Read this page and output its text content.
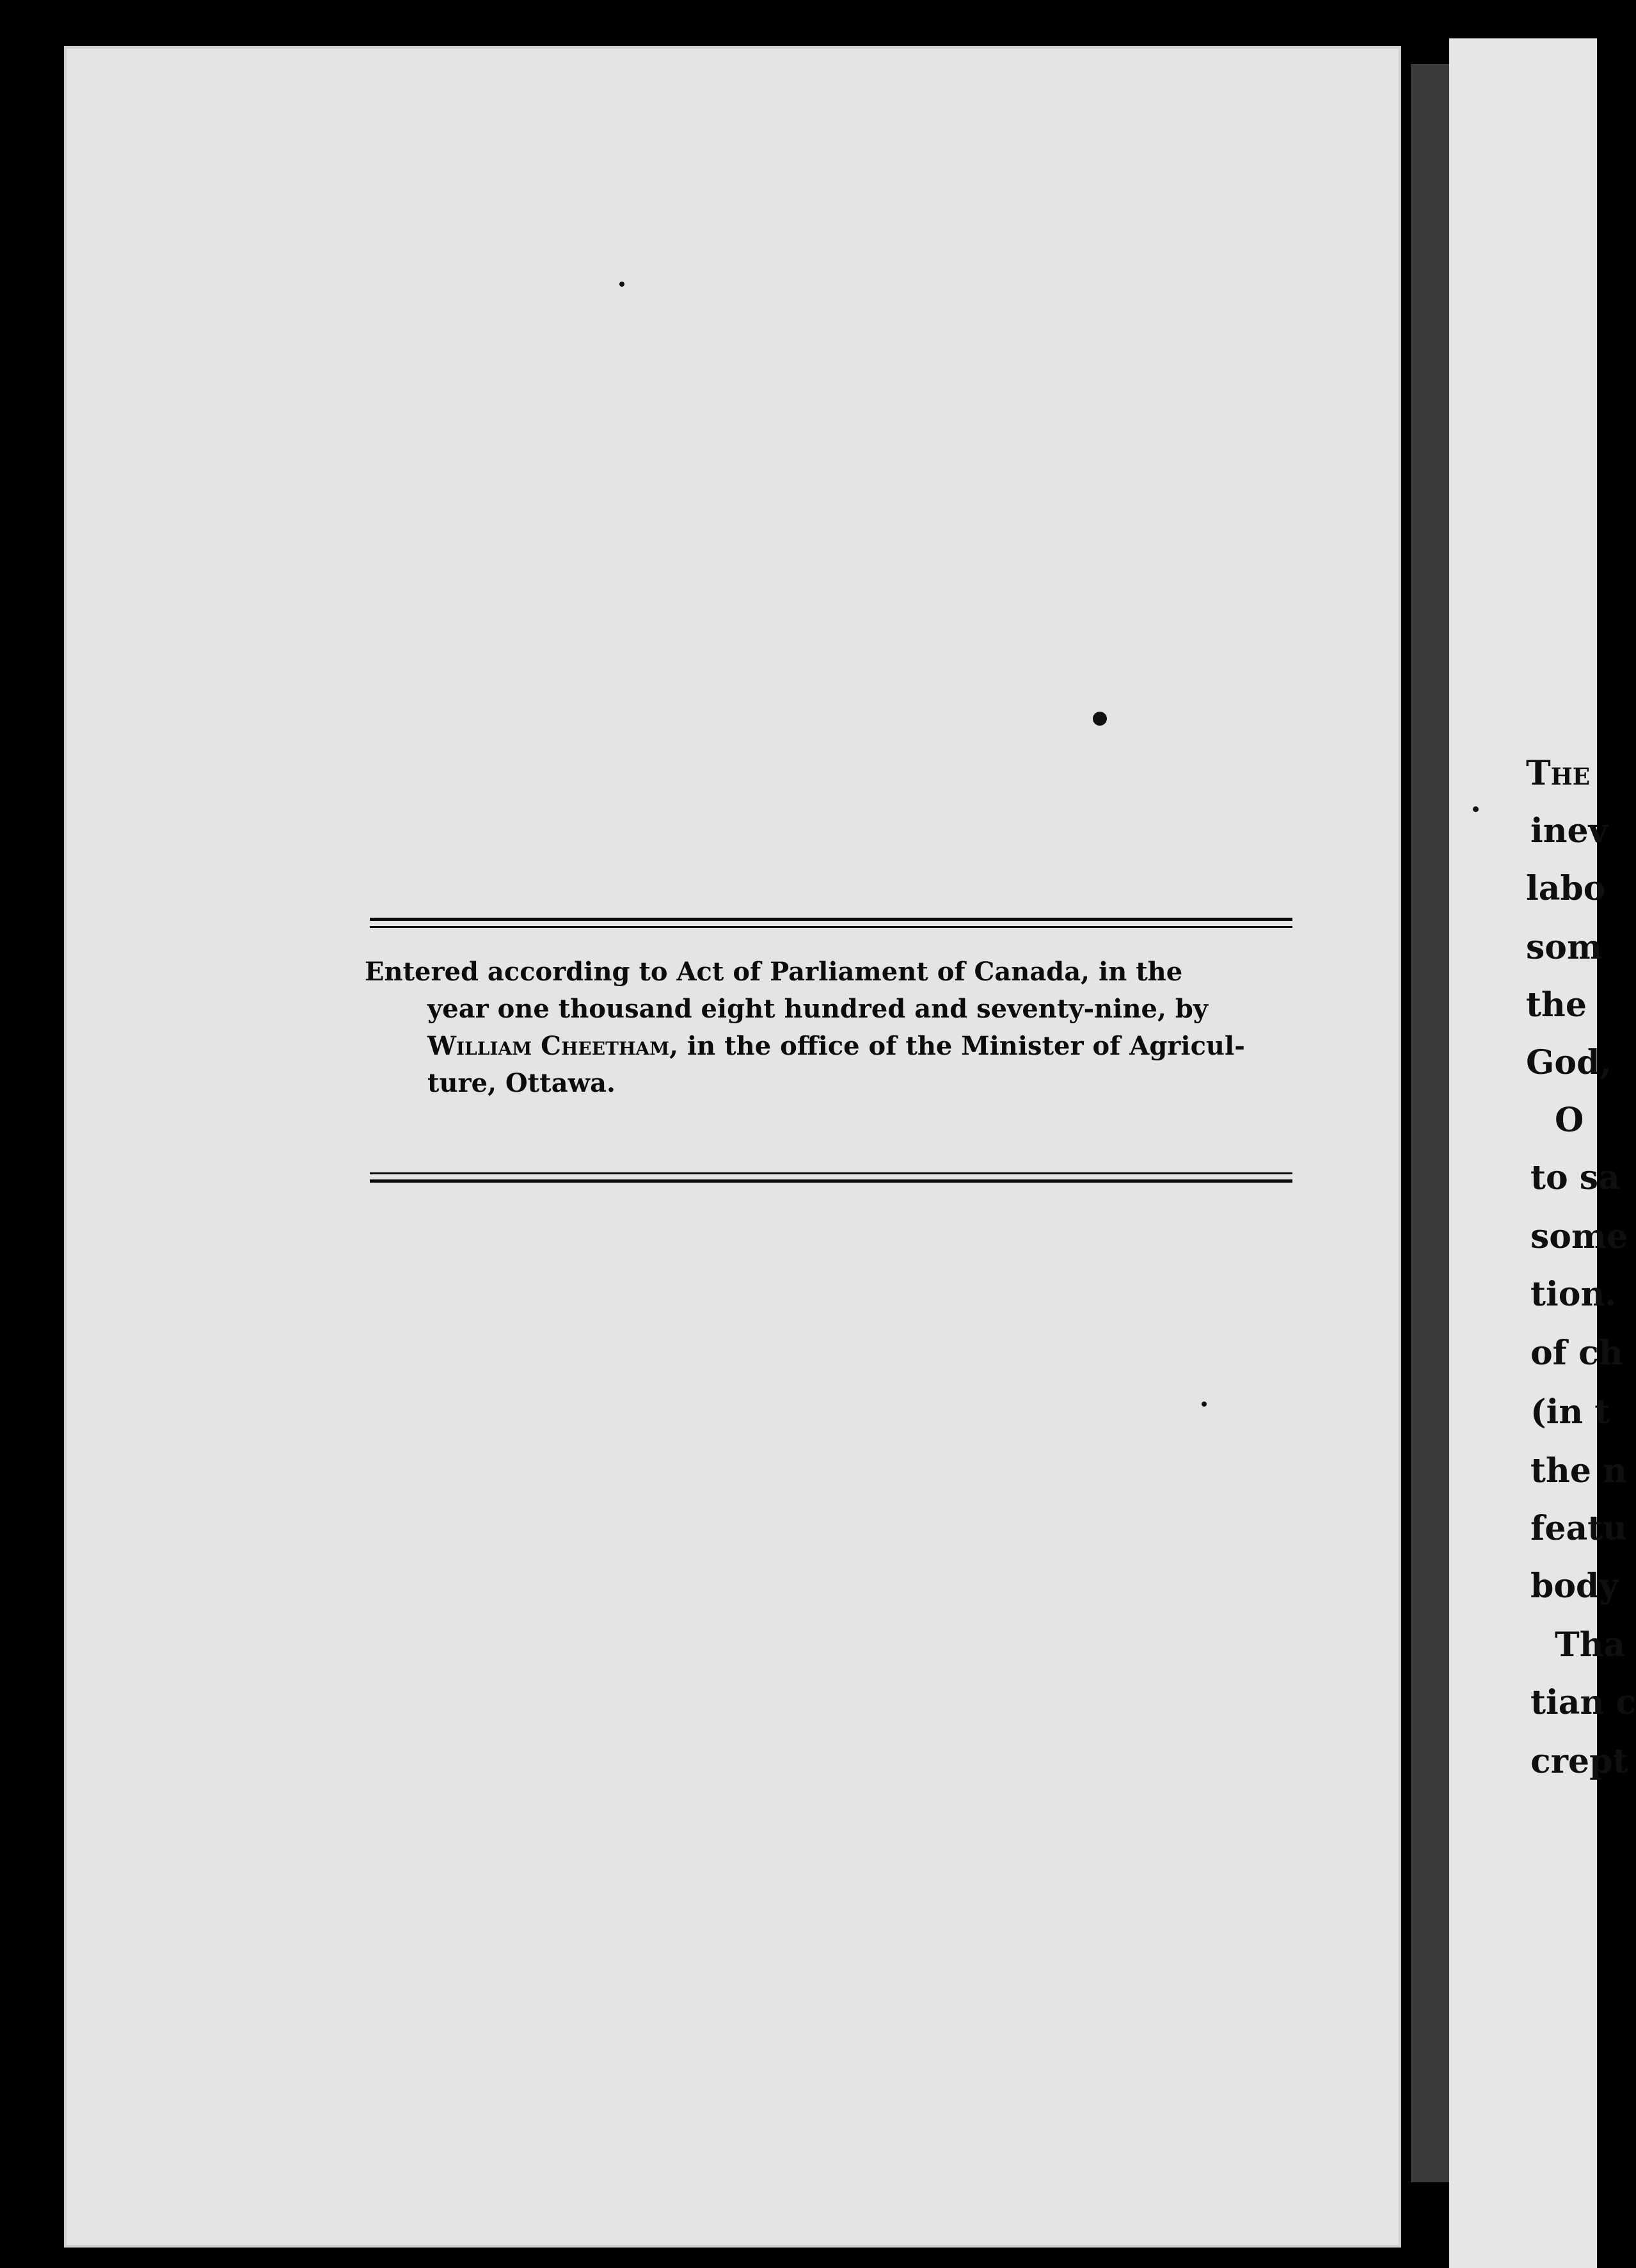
Entered according to Act of Parliament of Canada, in the
year one thousand eight hundred and seventy-nine, by
William Cheetham, in the office of the Minister of Agricul-
ture, Ottawa.
The
inev
labo
som
the
God,
O
to sa
some
tion.
of ch
(in t
the n
featu
body
Tha
tian c
crept
